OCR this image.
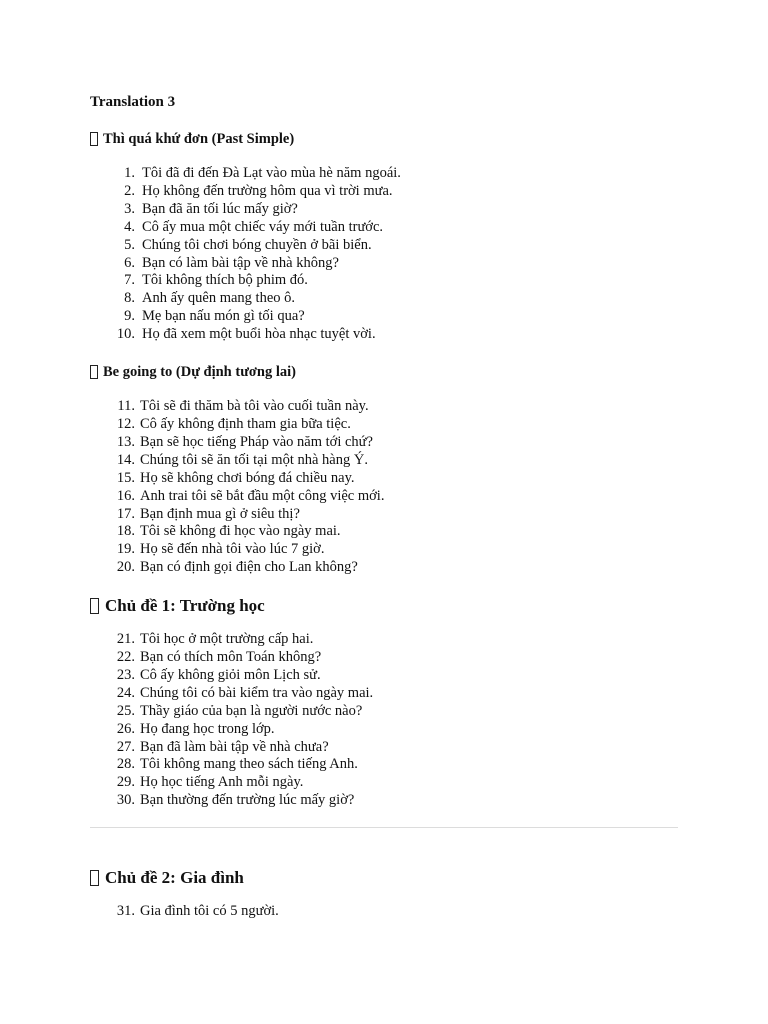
Translation 3
Thì quá khứ đơn (Past Simple)
1. Tôi đã đi đến Đà Lạt vào mùa hè năm ngoái.
2. Họ không đến trường hôm qua vì trời mưa.
3. Bạn đã ăn tối lúc mấy giờ?
4. Cô ấy mua một chiếc váy mới tuần trước.
5. Chúng tôi chơi bóng chuyền ở bãi biển.
6. Bạn có làm bài tập về nhà không?
7. Tôi không thích bộ phim đó.
8. Anh ấy quên mang theo ô.
9. Mẹ bạn nấu món gì tối qua?
10. Họ đã xem một buổi hòa nhạc tuyệt vời.
Be going to (Dự định tương lai)
11. Tôi sẽ đi thăm bà tôi vào cuối tuần này.
12. Cô ấy không định tham gia bữa tiệc.
13. Bạn sẽ học tiếng Pháp vào năm tới chứ?
14. Chúng tôi sẽ ăn tối tại một nhà hàng Ý.
15. Họ sẽ không chơi bóng đá chiều nay.
16. Anh trai tôi sẽ bắt đầu một công việc mới.
17. Bạn định mua gì ở siêu thị?
18. Tôi sẽ không đi học vào ngày mai.
19. Họ sẽ đến nhà tôi vào lúc 7 giờ.
20. Bạn có định gọi điện cho Lan không?
Chủ đề 1: Trường học
21. Tôi học ở một trường cấp hai.
22. Bạn có thích môn Toán không?
23. Cô ấy không giỏi môn Lịch sử.
24. Chúng tôi có bài kiểm tra vào ngày mai.
25. Thầy giáo của bạn là người nước nào?
26. Họ đang học trong lớp.
27. Bạn đã làm bài tập về nhà chưa?
28. Tôi không mang theo sách tiếng Anh.
29. Họ học tiếng Anh mỗi ngày.
30. Bạn thường đến trường lúc mấy giờ?
Chủ đề 2: Gia đình
31. Gia đình tôi có 5 người.
